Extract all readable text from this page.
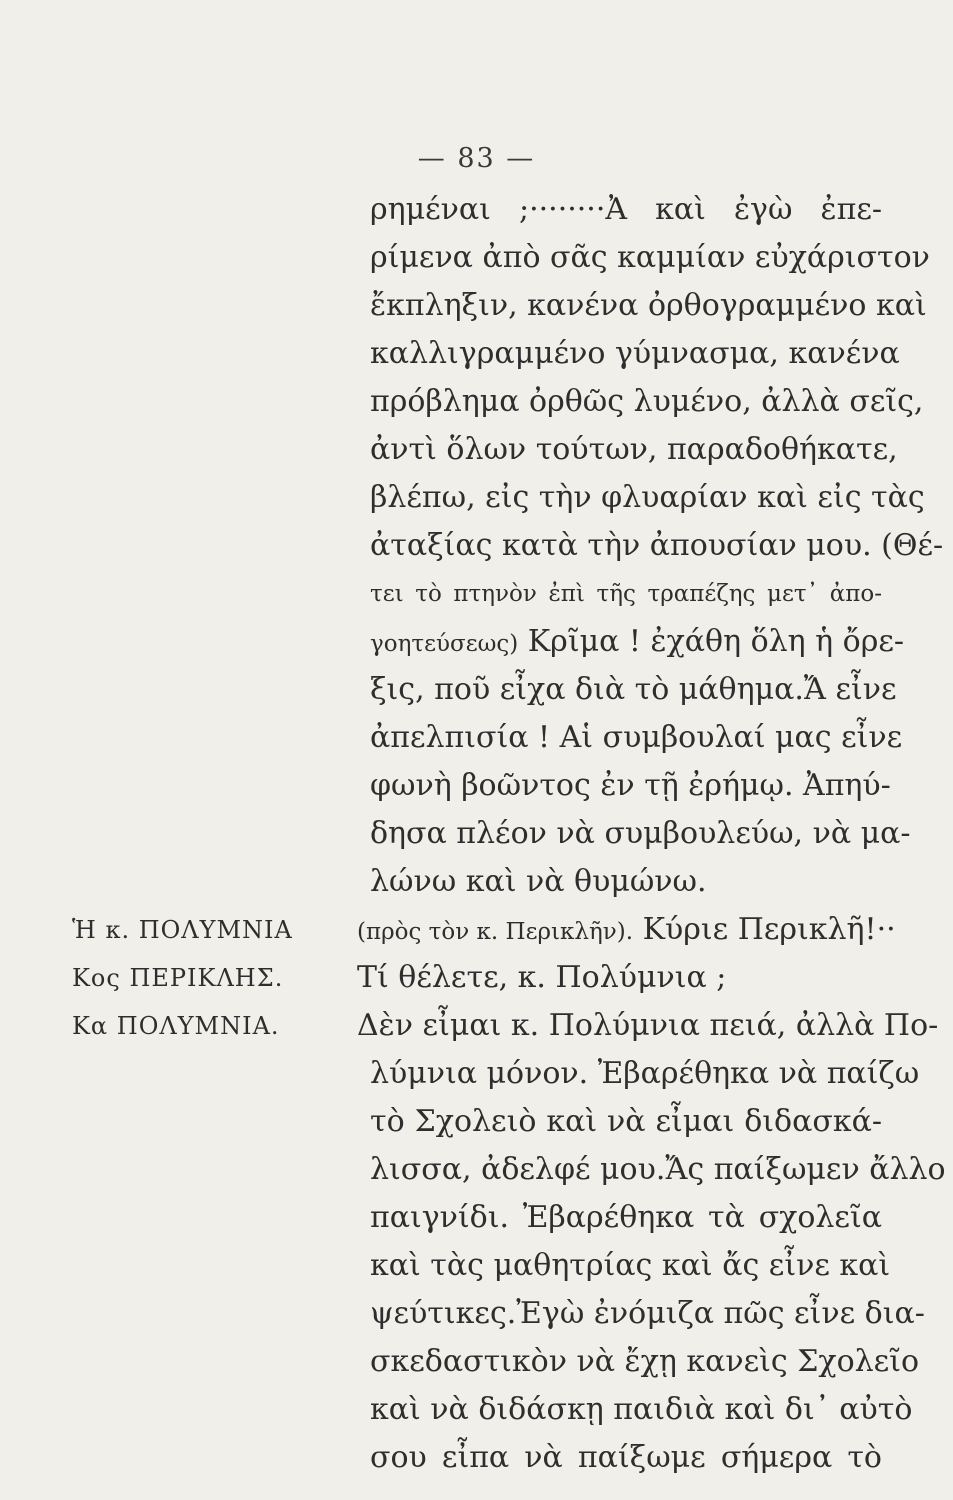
— 83 —
ρημέναι ;········Ἀ καὶ ἐγὼ ἐπε-
ρίμενα ἀπὸ σᾶς καμμίαν εὐχάριστον
ἔκπληξιν, κανένα ὀρθογραμμένο καὶ
καλλιγραμμένο γύμνασμα, κανένα
πρόβλημα ὀρθῶς λυμένο, ἀλλὰ σεῖς,
ἀντὶ ὅλων τούτων, παραδοθήκατε,
βλέπω, εἰς τὴν φλυαρίαν καὶ εἰς τὰς
ἀταξίας κατὰ τὴν ἀπουσίαν μου. (Θέ-
τει τὸ πτηνὸν ἐπὶ τῆς τραπέζης μετ᾽ ἀπο-
γοητεύσεως) Κρῖμα ! ἐχάθη ὅλη ἡ ὄρε-
ξις, ποῦ εἶχα διὰ τὸ μάθημα.Ἄ εἶνε
ἀπελπισία ! Αἱ συμβουλαί μας εἶνε
φωνὴ βοῶντος ἐν τῇ ἐρήμῳ. Ἀπηύ-
δησα πλέον νὰ συμβουλεύω, νὰ μα-
λώνω καὶ νὰ θυμώνω.
Ἡ κ. ΠΟΛΥΜΝΙΑ	(πρὸς τὸν κ. Περικλῆν). Κύριε Περικλῆ!··
Κος ΠΕΡΙΚΛΗΣ. Τί θέλετε, κ. Πολύμνια ;
Κα ΠΟΛΥΜΝΙΑ.	Δὲν εἶμαι κ. Πολύμνια πειά, ἀλλὰ Πο-
λύμνια μόνον. Ἐβαρέθηκα νὰ παίζω
τὸ Σχολειὸ καὶ νὰ εἶμαι διδασκά-
λισσα, ἀδελφέ μου.Ἄς παίξωμεν ἄλλο
παιγνίδι. Ἐβαρέθηκα τὰ σχολεῖα
καὶ τὰς μαθητρίας καὶ ἄς εἶνε καὶ
ψεύτικες.Ἐγὼ ἐνόμιζα πῶς εἶνε δια-
σκεδαστικὸν νὰ ἔχῃ κανεὶς Σχολεῖο
καὶ νὰ διδάσκῃ παιδιὰ καὶ δι᾽ αὐτὸ
σου εἶπα νὰ παίξωμε σήμερα τὸ
